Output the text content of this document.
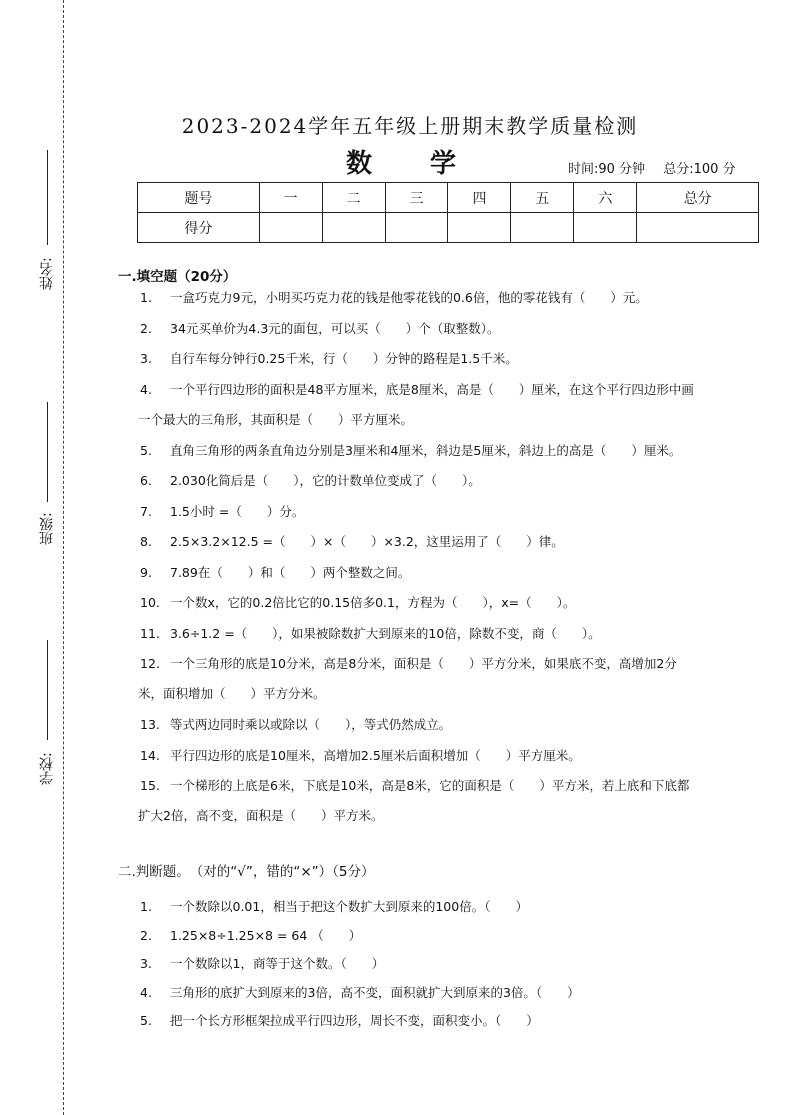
姓名:
班级:
学校:
2023-2024学年五年级上册期末教学质量检测
数学	时间:90 分钟 总分:100 分
题号	一	二	三	四	五	六	总分
得分							
一.填空题（20分）
1. 一盒巧克力9元，小明买巧克力花的钱是他零花钱的0.6倍，他的零花钱有（　　）元。
2. 34元买单价为4.3元的面包，可以买（　　）个（取整数）。
3. 自行车每分钟行0.25千米，行（　　）分钟的路程是1.5千米。
4. 一个平行四边形的面积是48平方厘米，底是8厘米，高是（　　）厘米，在这个平行四边形中画
一个最大的三角形，其面积是（　　）平方厘米。
5. 直角三角形的两条直角边分别是3厘米和4厘米，斜边是5厘米，斜边上的高是（　　）厘米。
6. 2.030化简后是（　　），它的计数单位变成了（　　）。
7. 1.5小时 =（　　）分。
8. 2.5×3.2×12.5 =（　　）×（　　）×3.2，这里运用了（　　）律。
9. 7.89在（　　）和（　　）两个整数之间。
10. 一个数x，它的0.2倍比它的0.15倍多0.1，方程为（　　），x=（　　）。
11. 3.6÷1.2 =（　　），如果被除数扩大到原来的10倍，除数不变，商（　　）。
12. 一个三角形的底是10分米，高是8分米，面积是（　　）平方分米，如果底不变，高增加2分
米，面积增加（　　）平方分米。
13. 等式两边同时乘以或除以（　　），等式仍然成立。
14. 平行四边形的底是10厘米，高增加2.5厘米后面积增加（　　）平方厘米。
15. 一个梯形的上底是6米，下底是10米，高是8米，它的面积是（　　）平方米，若上底和下底都
扩大2倍，高不变，面积是（　　）平方米。
二.判断题。　（对的“√”，错的“×”）（5分）
1. 一个数除以0.01，相当于把这个数扩大到原来的100倍。（　　）
2. 1.25×8÷1.25×8 = 64 （　　）
3. 一个数除以1，商等于这个数。（　　）
4. 三角形的底扩大到原来的3倍，高不变，面积就扩大到原来的3倍。（　　）
5. 把一个长方形框架拉成平行四边形，周长不变，面积变小。（　　）
